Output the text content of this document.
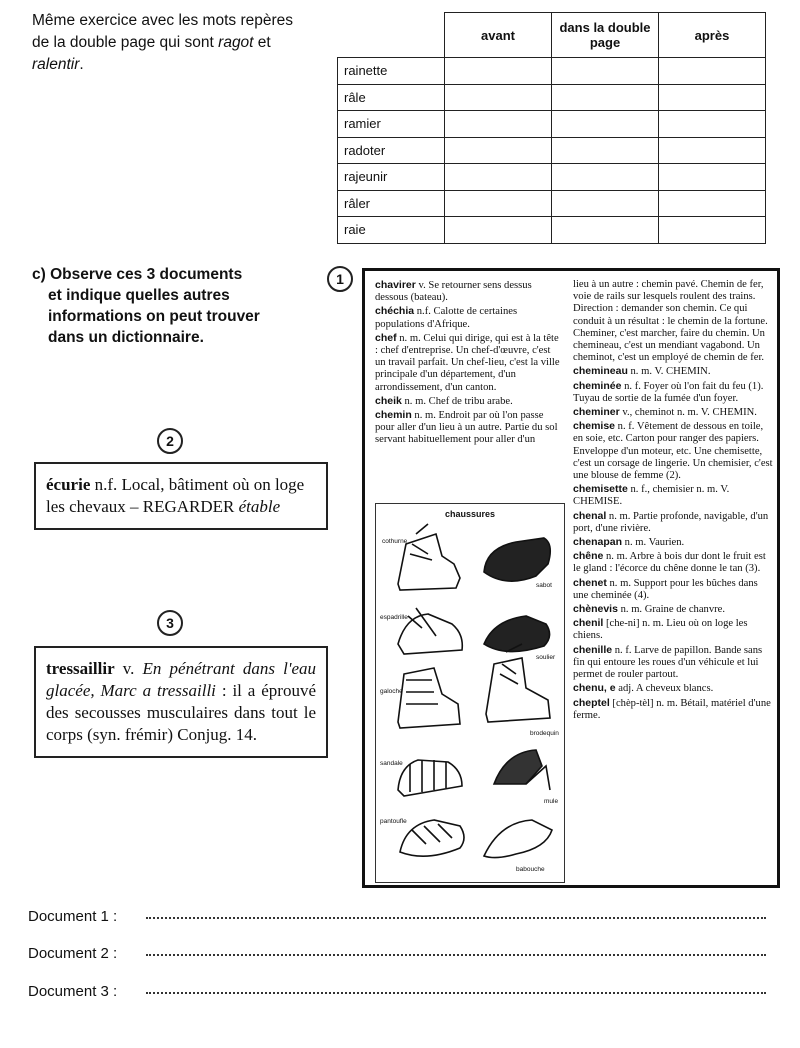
Même exercice avec les mots repères
de la double page qui sont ragot et
ralentir.
	avant	dans la double page	après
rainette			
râle			
ramier			
radoter			
rajeunir			
râler			
raie			
c) Observe ces 3 documents
et indique quelles autres
informations on peut trouver
dans un dictionnaire.
1
2
3
écurie n.f. Local, bâtiment où on loge les chevaux – REGARDER étable
tressaillir v. En pénétrant dans l'eau glacée, Marc a tressailli : il a éprouvé des secousses musculaires dans tout le corps (syn. frémir) Conjug. 14.
chavirer v. Se retourner sens dessus dessous (bateau).
chéchia n.f. Calotte de certaines populations d'Afrique.
chef n. m. Celui qui dirige, qui est à la tête : chef d'entreprise. Un chef-d'œuvre, c'est un travail parfait. Un chef-lieu, c'est la ville principale d'un département, d'un arrondissement, d'un canton.
cheik n. m. Chef de tribu arabe.
chemin n. m. Endroit par où l'on passe pour aller d'un lieu à un autre. Partie du sol servant habituellement pour aller d'un
lieu à un autre : chemin pavé. Chemin de fer, voie de rails sur lesquels roulent des trains. Direction : demander son chemin. Ce qui conduit à un résultat : le chemin de la fortune. Cheminer, c'est marcher, faire du chemin. Un chemineau, c'est un mendiant vagabond. Un cheminot, c'est un employé de chemin de fer.
chemineau n. m. V. CHEMIN.
cheminée n. f. Foyer où l'on fait du feu (1). Tuyau de sortie de la fumée d'un foyer.
cheminer v., cheminot n. m. V. CHEMIN.
chemise n. f. Vêtement de dessous en toile, en soie, etc. Carton pour ranger des papiers. Enveloppe d'un moteur, etc. Une chemisette, c'est un corsage de lingerie. Un chemisier, c'est une blouse de femme (2).
chemisette n. f., chemisier n. m. V. CHEMISE.
chenal n. m. Partie profonde, navigable, d'un port, d'une rivière.
chenapan n. m. Vaurien.
chêne n. m. Arbre à bois dur dont le fruit est le gland : l'écorce du chêne donne le tan (3).
chenet n. m. Support pour les bûches dans une cheminée (4).
chènevis n. m. Graine de chanvre.
chenil [che-ni] n. m. Lieu où on loge les chiens.
chenille n. f. Larve de papillon. Bande sans fin qui entoure les roues d'un véhicule et lui permet de rouler partout.
chenu, e adj. A cheveux blancs.
cheptel [chèp-tèl] n. m. Bétail, matériel d'une ferme.
chaussures
cothurne
sabot
espadrille
soulier
galoche
brodequin
sandale
mule
pantoufle
babouche
Document 1 :
Document 2 :
Document 3 :
